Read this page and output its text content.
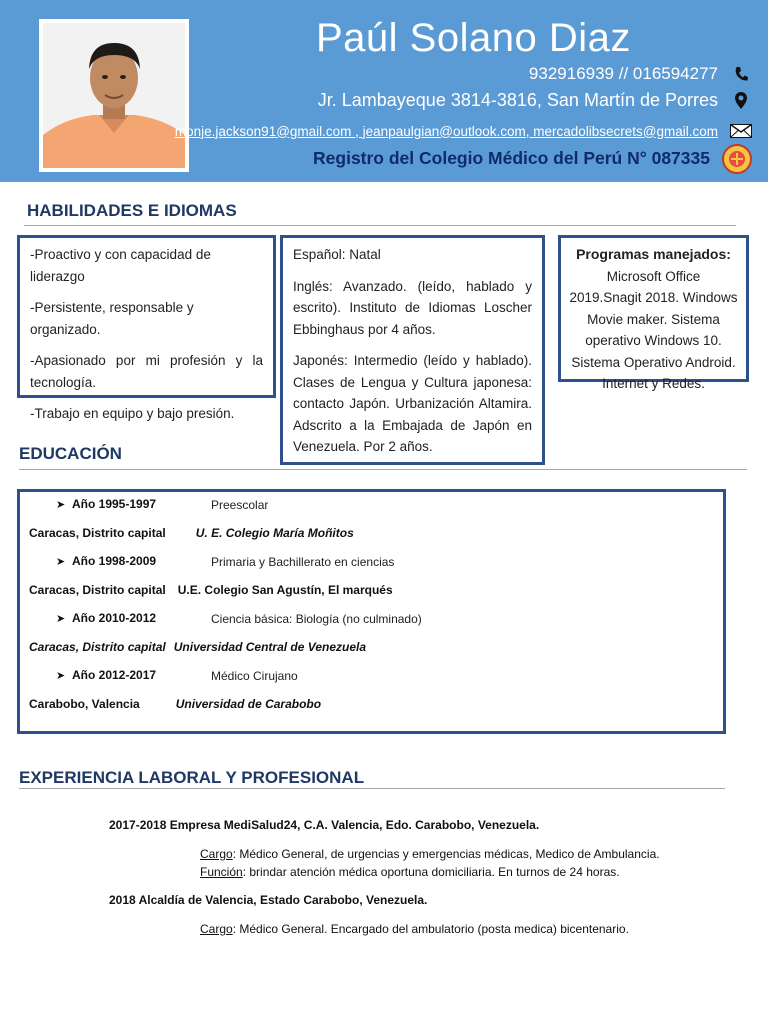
Paúl Solano Diaz
932916939 // 016594277
Jr. Lambayeque 3814-3816, San Martín de Porres
monje.jackson91@gmail.com , jeanpaulgian@outlook.com, mercadolibsecrets@gmail.com
Registro del Colegio Médico del Perú N° 087335
HABILIDADES E IDIOMAS

-Proactivo y con capacidad de liderazgo

-Persistente, responsable y organizado.

-Apasionado por mi profesión y la tecnología.

-Trabajo en equipo y bajo presión.

Español: Natal

Inglés: Avanzado. (leído, hablado y escrito). Instituto de Idiomas Loscher Ebbinghaus por 4 años.

Japonés: Intermedio (leído y hablado). Clases de Lengua y Cultura japonesa: contacto Japón. Urbanización Altamira. Adscrito a la Embajada de Japón en Venezuela. Por 2 años.

Programas manejados:
Microsoft Office 2019.Snagit 2018. Windows Movie maker. Sistema operativo Windows 10. Sistema Operativo Android. Internet y Redes.
EDUCACIÓN
➤ Año 1995-1997	Preescolar
Caracas, Distrito capital	U. E. Colegio María Moñitos
➤ Año 1998-2009	Primaria y Bachillerato en ciencias
Caracas, Distrito capital U.E. Colegio San Agustín, El marqués
➤ Año 2010-2012	Ciencia básica: Biología (no culminado)
Caracas, Distrito capital Universidad Central de Venezuela
➤ Año 2012-2017	Médico Cirujano
Carabobo, Valencia	Universidad de Carabobo
EXPERIENCIA LABORAL Y PROFESIONAL
2017-2018 Empresa MediSalud24, C.A. Valencia, Edo. Carabobo, Venezuela.
Cargo: Médico General, de urgencias y emergencias médicas, Medico de Ambulancia.
Función: brindar atención médica oportuna domiciliaria. En turnos de 24 horas.
2018 Alcaldía de Valencia, Estado Carabobo, Venezuela.
Cargo: Médico General. Encargado del ambulatorio (posta medica) bicentenario.
